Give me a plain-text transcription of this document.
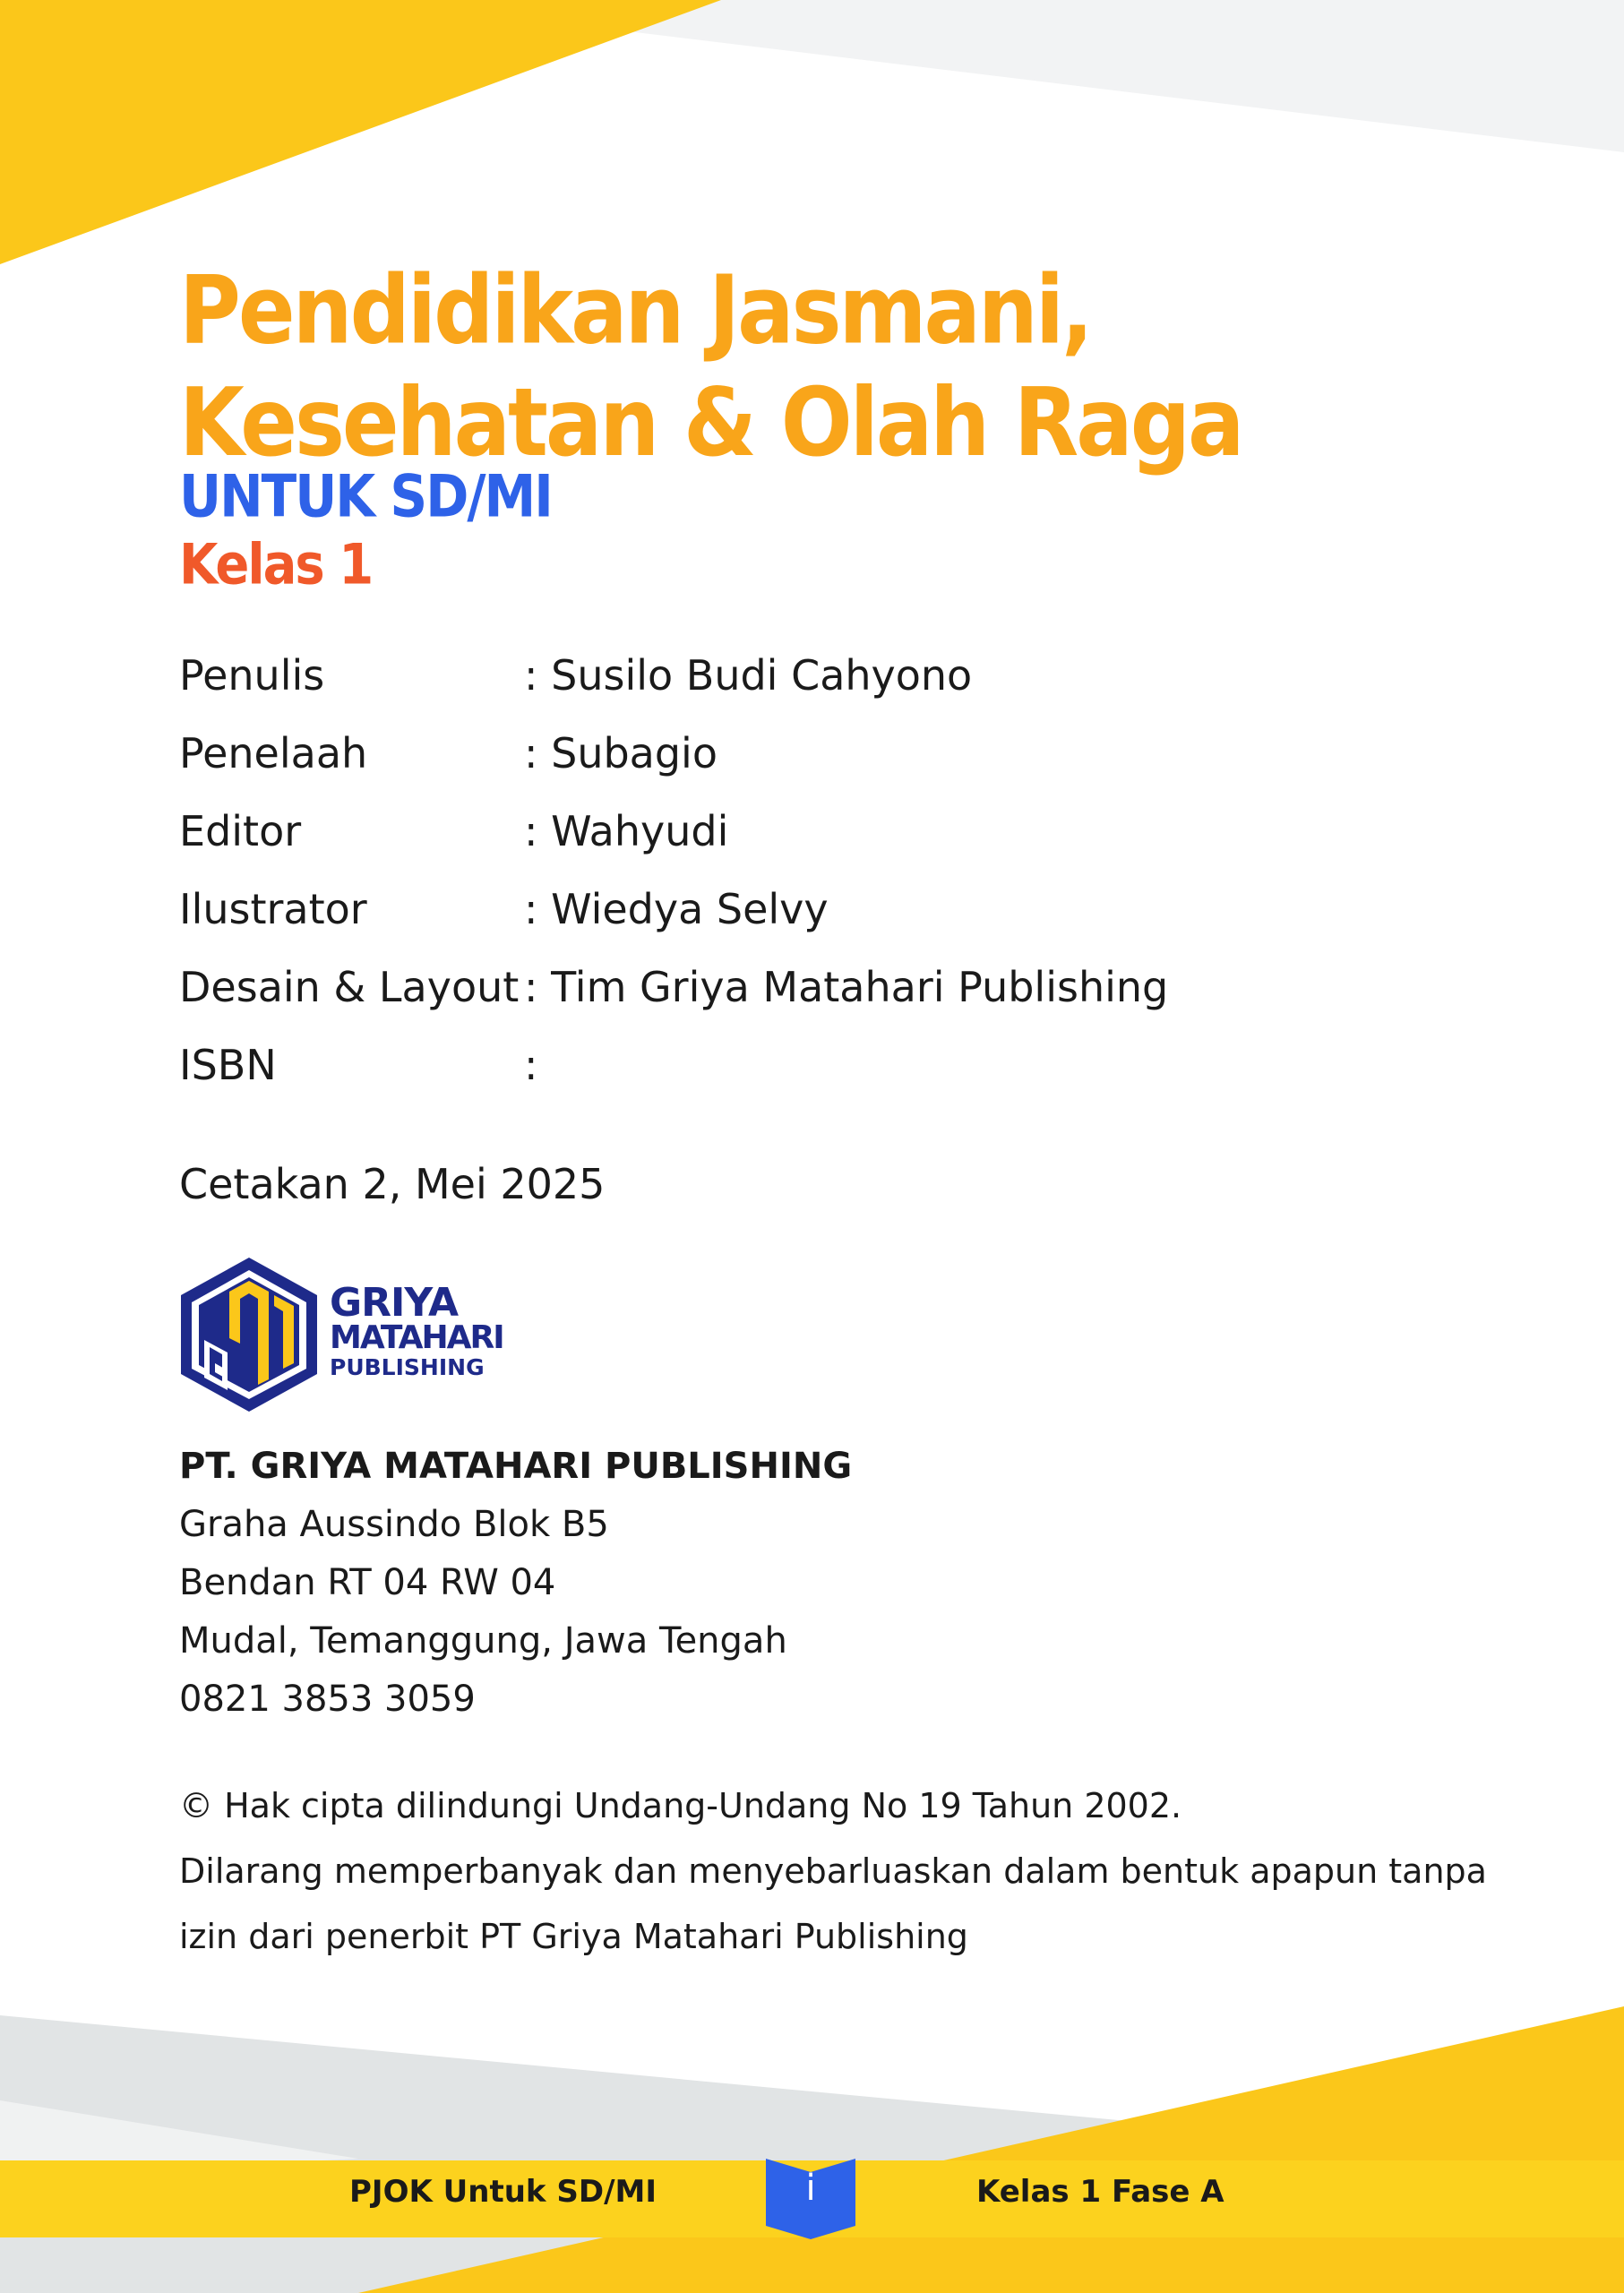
Pendidikan Jasmani,
Kesehatan & Olah Raga
UNTUK SD/MI
Kelas 1
Penulis	: Susilo Budi Cahyono
Penelaah	: Subagio
Editor	: Wahyudi
Ilustrator	: Wiedya Selvy
Desain & Layout : Tim Griya Matahari Publishing
ISBN	:
Cetakan 2, Mei 2025
GRIYA
MATAHARI
PUBLISHING
PT. GRIYA MATAHARI PUBLISHING
Graha Aussindo Blok B5
Bendan RT 04 RW 04
Mudal, Temanggung, Jawa Tengah
0821 3853 3059
© Hak cipta dilindungi Undang-Undang No 19 Tahun 2002.
Dilarang memperbanyak dan menyebarluaskan dalam bentuk apapun tanpa
izin dari penerbit PT Griya Matahari Publishing
PJOK Untuk SD/MI	i	Kelas 1 Fase A
